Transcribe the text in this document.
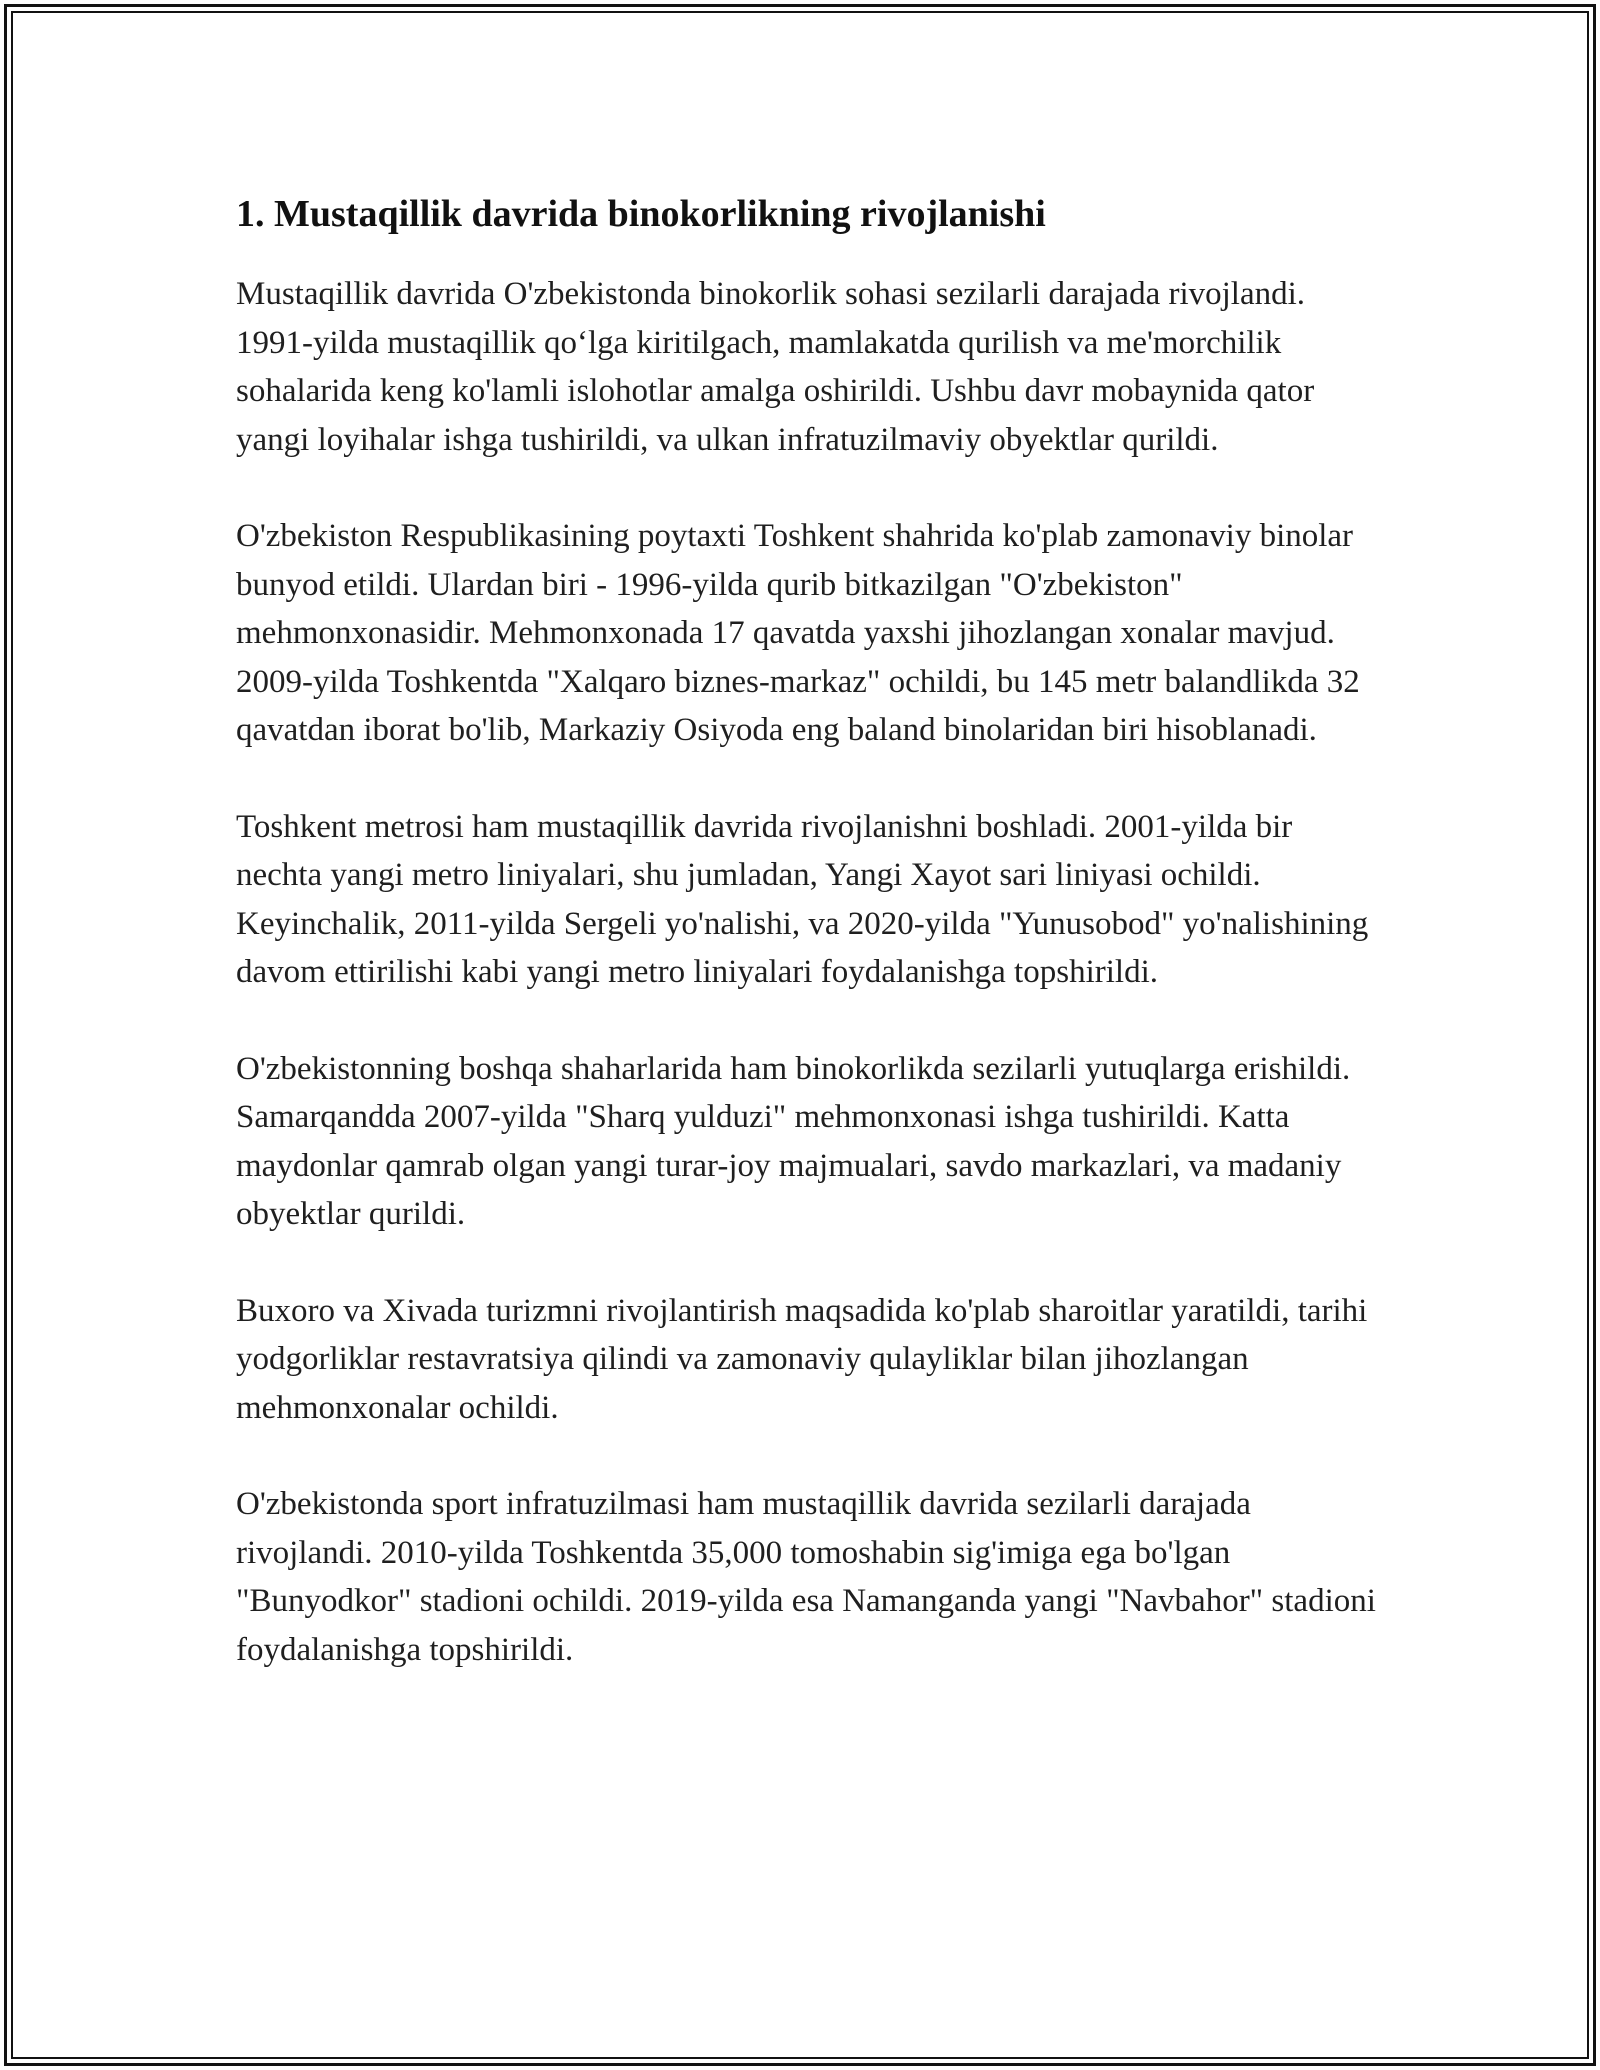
1. Mustaqillik davrida binokorlikning rivojlanishi

Mustaqillik davrida O'zbekistonda binokorlik sohasi sezilarli darajada rivojlandi. 1991-yilda mustaqillik qo‘lga kiritilgach, mamlakatda qurilish va me'morchilik sohalarida keng ko'lamli islohotlar amalga oshirildi. Ushbu davr mobaynida qator yangi loyihalar ishga tushirildi, va ulkan infratuzilmaviy obyektlar qurildi.

O'zbekiston Respublikasining poytaxti Toshkent shahrida ko'plab zamonaviy binolar bunyod etildi. Ulardan biri - 1996-yilda qurib bitkazilgan "O'zbekiston" mehmonxonasidir. Mehmonxonada 17 qavatda yaxshi jihozlangan xonalar mavjud. 2009-yilda Toshkentda "Xalqaro biznes-markaz" ochildi, bu 145 metr balandlikda 32 qavatdan iborat bo'lib, Markaziy Osiyoda eng baland binolaridan biri hisoblanadi.

Toshkent metrosi ham mustaqillik davrida rivojlanishni boshladi. 2001-yilda bir nechta yangi metro liniyalari, shu jumladan, Yangi Xayot sari liniyasi ochildi. Keyinchalik, 2011-yilda Sergeli yo'nalishi, va 2020-yilda "Yunusobod" yo'nalishining davom ettirilishi kabi yangi metro liniyalari foydalanishga topshirildi.

O'zbekistonning boshqa shaharlarida ham binokorlikda sezilarli yutuqlarga erishildi. Samarqandda 2007-yilda "Sharq yulduzi" mehmonxonasi ishga tushirildi. Katta maydonlar qamrab olgan yangi turar-joy majmualari, savdo markazlari, va madaniy obyektlar qurildi.

Buxoro va Xivada turizmni rivojlantirish maqsadida ko'plab sharoitlar yaratildi, tarihi yodgorliklar restavratsiya qilindi va zamonaviy qulayliklar bilan jihozlangan mehmonxonalar ochildi.

O'zbekistonda sport infratuzilmasi ham mustaqillik davrida sezilarli darajada rivojlandi. 2010-yilda Toshkentda 35,000 tomoshabin sig'imiga ega bo'lgan "Bunyodkor" stadioni ochildi. 2019-yilda esa Namanganda yangi "Navbahor" stadioni foydalanishga topshirildi.
